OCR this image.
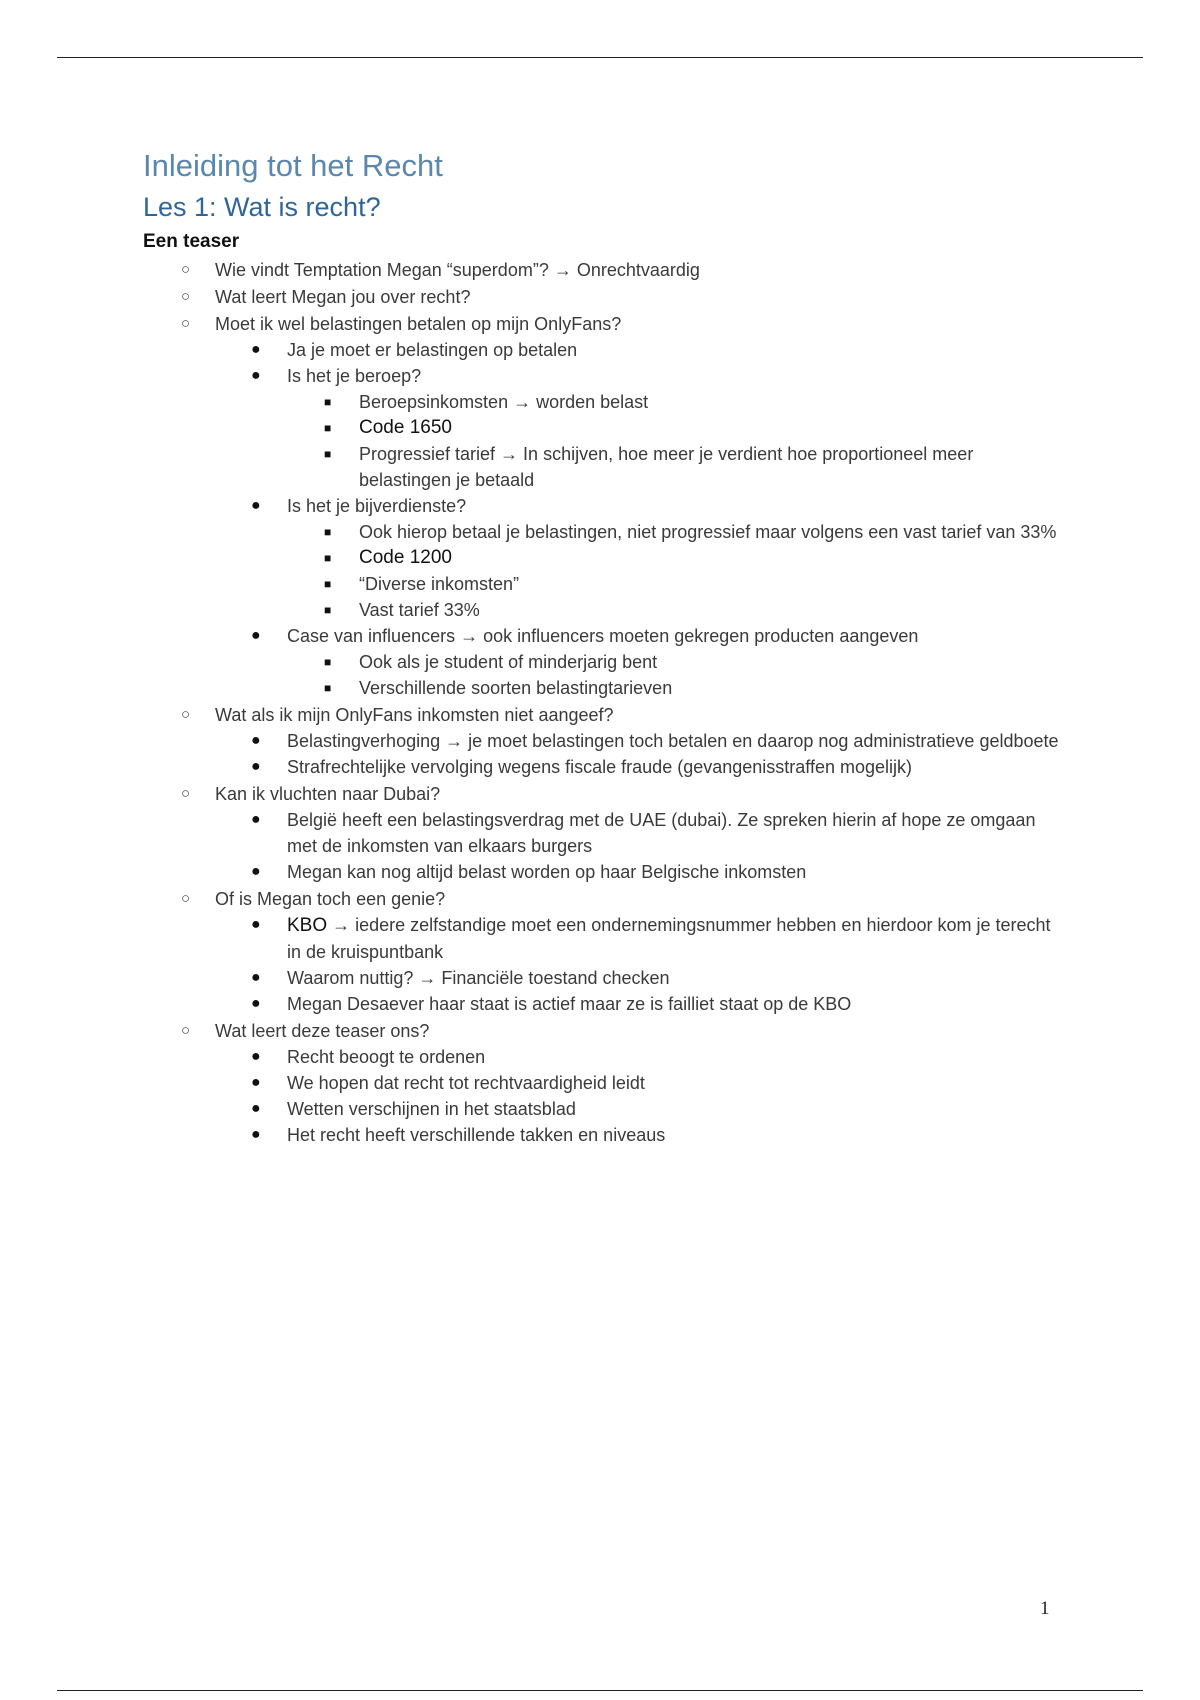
Inleiding tot het Recht
Les 1: Wat is recht?
Een teaser
○ Wie vindt Temptation Megan “superdom”? → Onrechtvaardig
○ Wat leert Megan jou over recht?
○ Moet ik wel belastingen betalen op mijn OnlyFans?
● Ja je moet er belastingen op betalen
● Is het je beroep?
■ Beroepsinkomsten → worden belast
■ Code 1650
■ Progressief tarief → In schijven, hoe meer je verdient hoe proportioneel meer belastingen je betaald
● Is het je bijverdienste?
■ Ook hierop betaal je belastingen, niet progressief maar volgens een vast tarief van 33%
■ Code 1200
■ “Diverse inkomsten”
■ Vast tarief 33%
● Case van influencers → ook influencers moeten gekregen producten aangeven
■ Ook als je student of minderjarig bent
■ Verschillende soorten belastingtarieven
○ Wat als ik mijn OnlyFans inkomsten niet aangeef?
● Belastingverhoging → je moet belastingen toch betalen en daarop nog administratieve geldboete
● Strafrechtelijke vervolging wegens fiscale fraude (gevangenisstraffen mogelijk)
○ Kan ik vluchten naar Dubai?
● België heeft een belastingsverdrag met de UAE (dubai). Ze spreken hierin af hope ze omgaan met de inkomsten van elkaars burgers
● Megan kan nog altijd belast worden op haar Belgische inkomsten
○ Of is Megan toch een genie?
● KBO → iedere zelfstandige moet een ondernemingsnummer hebben en hierdoor kom je terecht in de kruispuntbank
● Waarom nuttig? → Financiële toestand checken
● Megan Desaever haar staat is actief maar ze is failliet staat op de KBO
○ Wat leert deze teaser ons?
● Recht beoogt te ordenen
● We hopen dat recht tot rechtvaardigheid leidt
● Wetten verschijnen in het staatsblad
● Het recht heeft verschillende takken en niveaus
1
